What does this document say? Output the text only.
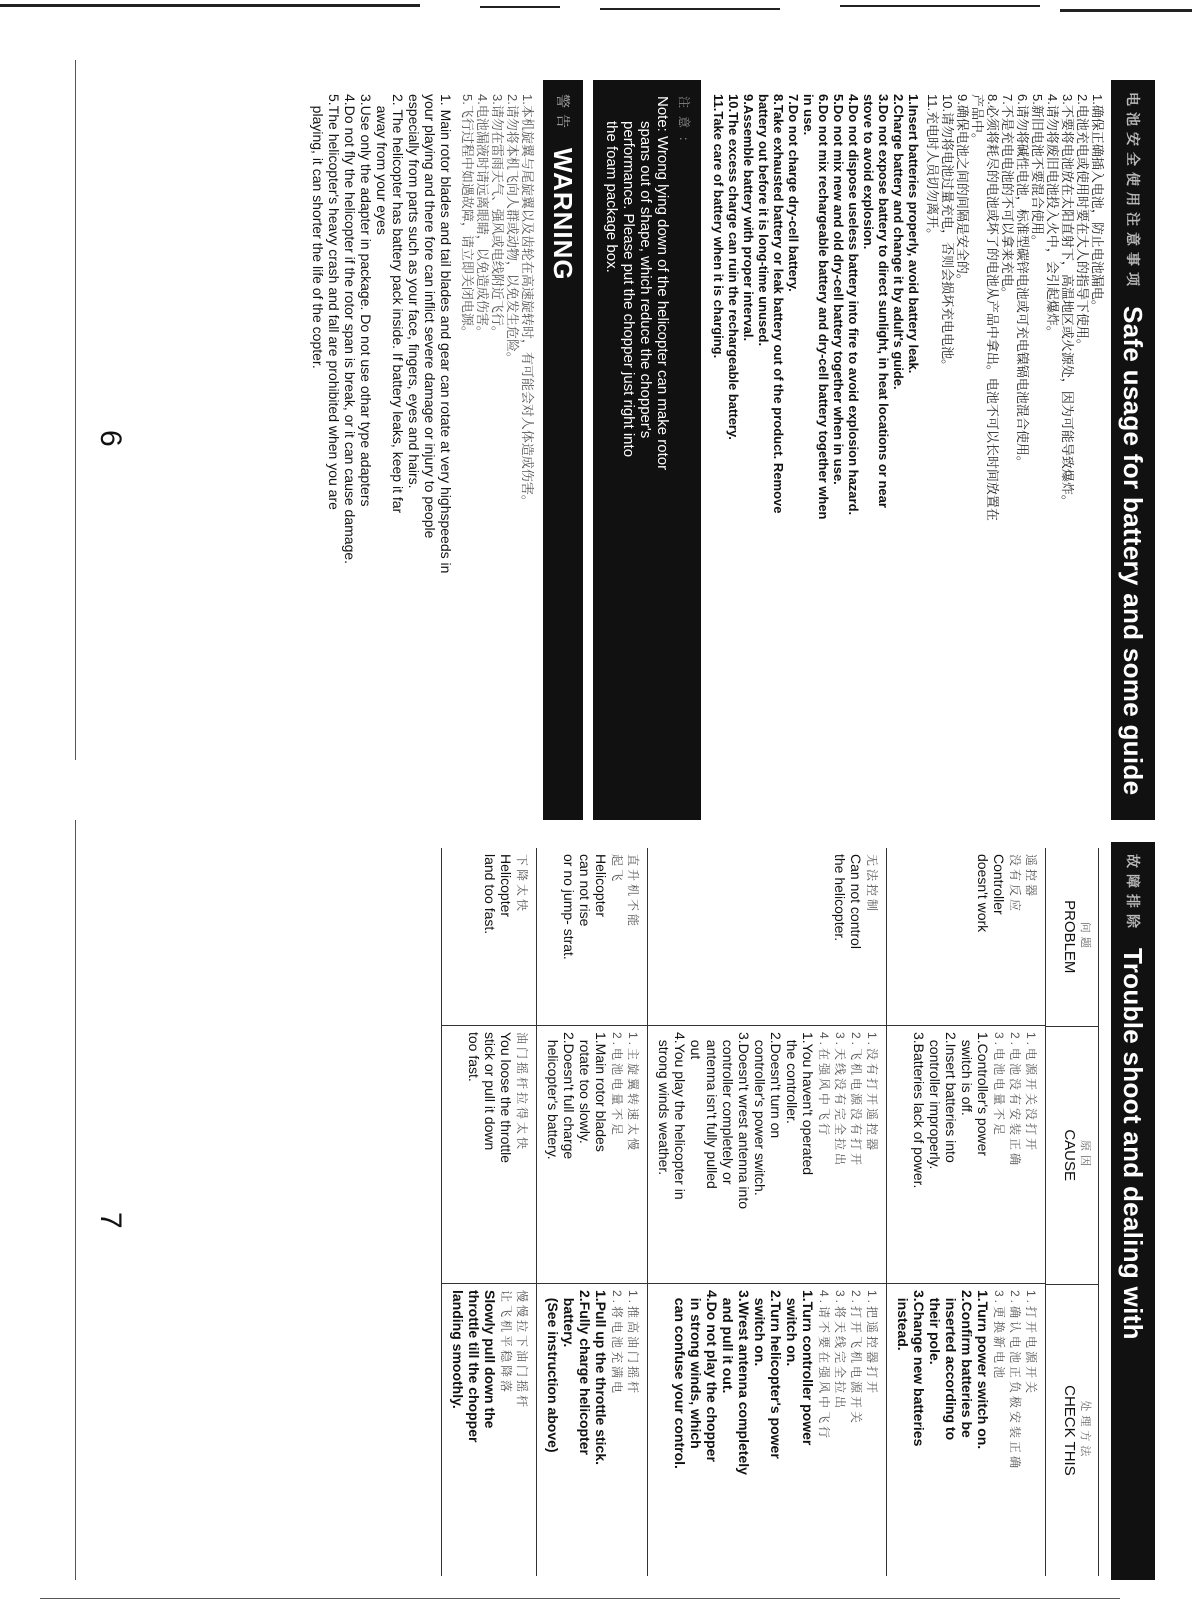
电池安全使用注意事项
Safe usage for battery and some guide
1.确保正确插入电池，防止电池漏电。
2.电池充电或使用时要在大人的指导下使用。
3.不要将电池放在太阳直射下，高温地区或火源处，因为可能导致爆炸。
4.请勿将废旧电池投入火中，会引起爆炸。
5.新旧电池不要混合使用。
6.请勿将碱性电池，标准型碳锌电池或可充电镍镉电池混合使用。
7.不是充电电池的不可以拿来充电。
8.必须将耗尽的电池或坏了的电池从产品中拿出。电池不可以长时间放置在
产品中。
9.确保电池之间的间隔是安全的。
10.请勿将电池过量充电，否则会损坏充电电池。
11.充电时人员切勿离开。
1.Insert batteries properly, avoid battery leak.
2.Charge battery and change it by adult's guide.
3.Do not expose battery to direct sunlight, in heat locations or near
stove to avoid explosion.
4.Do not dispose useless battery into fire to avoid explosion hazard.
5.Do not mix new and old dry-cell battery together when in use.
6.Do not mix rechargeable battery and dry-cell battery together when
in use.
7.Do not charge dry-cell battery.
8.Take exhausted battery or leak battery out of the product. Remove
battery out before it is long-time unused.
9.Assemble battery with proper interval.
10.The excess charge can ruin the rechargeable battery.
11.Take care of battery when it is charging.
注意：
Note: Wrong lying down of the helicopter can make rotor
spans out of shape, which reduce the chopper's
performance. Please put the chopper just right into
the foam package box.
警告
WARNING
1.本机旋翼与尾旋翼以及齿轮在高速旋转时，有可能会对人体造成伤害。
2.请勿将本机飞向人群或动物，以免发生危险。
3.请勿在雷雨天气、强风或电线附近飞行。
4.电池漏液时请远离眼睛，以免造成伤害。
5.飞行过程中如遇故障，请立即关闭电源。
1. Main rotor blades and tail blades and gear can rotate at very highspeeds in
your playing and there fore can inflict severe damage or injury to people
especially from parts such as your face, fingers, eyes and hairs.
2. The helicopter has battery pack inside. If battery leaks, keep it far
away from your eyes
3.Use only the adapter in package. Do not use othar type adapters
4.Do not fly the helicopter if the rotor span is break, or it can cause damage.
5.The helicopter's heavy crash and fall are prohibited when you are
playing, it can shorter the life of the copter.
6
故障排除
Trouble shoot and dealing with
问题
PROBLEM
原因
CAUSE
处理方法
CHECK THIS
遥控器
没有反应
Controller
doesn't work
1.电源开关没打开
2.电池没有安装正确
3.电池电量不足
1.Controller's power
switch is off.
2.Insert batteries into
controller improperly.
3.Batteries lack of power.
1.打开电源开关
2.确认电池正负极安装正确
3.更换新电池
1.Turn power switch on.
2.Confirm batteries be
inserted according to
their pole.
3.Change new batteries
instead.
无法控制
Can not control
the helicopter.
1.没有打开遥控器
2.飞机电源没有打开
3.天线没有完全拉出
4.在强风中飞行
1.You haven't operated
the controller.
2.Doesn't turn on
controller's power switch.
3.Doesn't wrest antenna into
controller completely or
antenna isn't fully pulled
out
4.You play the helicopter in
strong winds weather.
1.把遥控器打开
2.打开飞机电源开关
3.将天线完全拉出
4.请不要在强风中飞行
1.Turn controller power
switch on.
2.Turn helicopter's power
switch on.
3.Wrest antenna completely
and pull it out.
4.Do not play the chopper
in strong winds, which
can confuse your control.
直升机不能
起飞
Helicopter
can not rise
or no jump- strat.
1.主旋翼转速太慢
2.电池电量不足
1.Main rotor blades
rotate too slowly.
2.Doesn't full charge
helicopter's battery.
1.推高油门摇杆
2.将电池充满电
1.Pull up the throttle stick.
2.Fully charge helicopter
battery.
(See instruction above)
下降太快
Helicopter
land too fast.
油门摇杆拉得太快
You loose the throttle
stick or pull it down
too fast.
慢慢拉下油门摇杆
让飞机平稳降落
Slowly pull down the
throttle till the chopper
landing smoothly.
7
